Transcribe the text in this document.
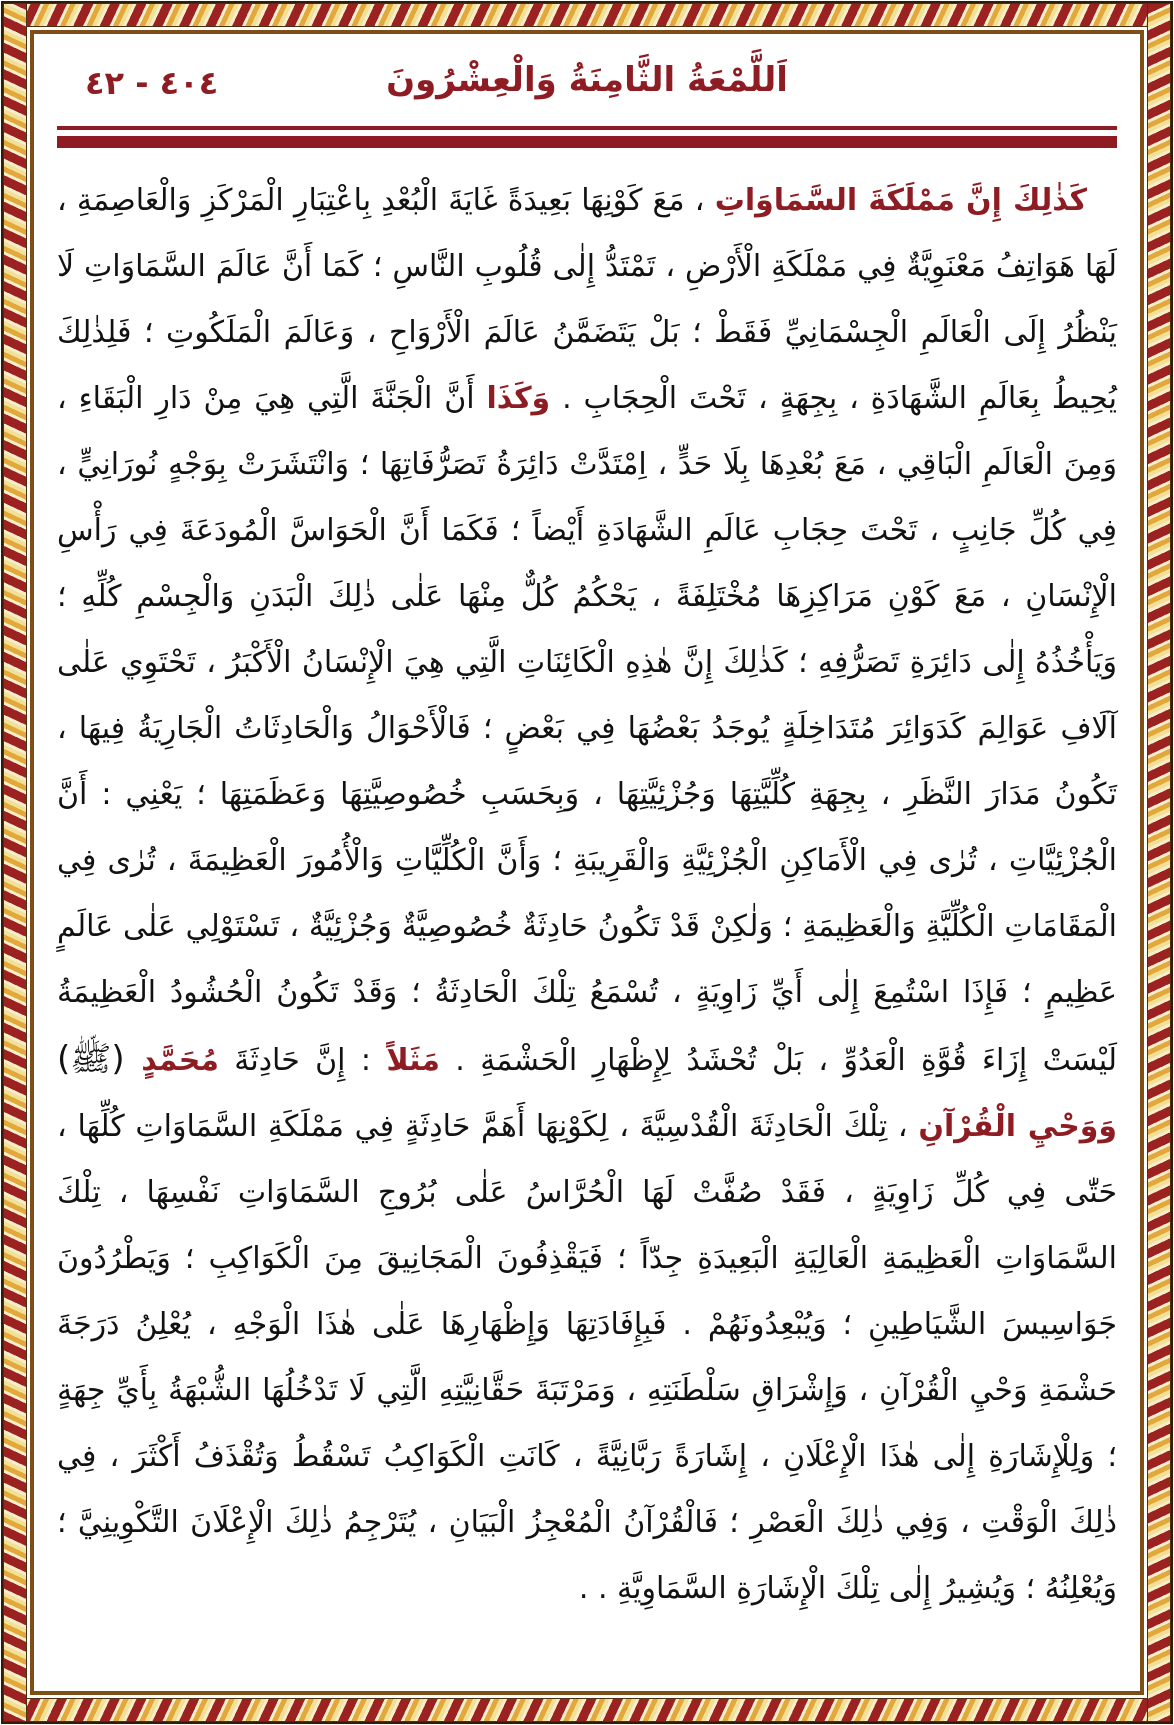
٤٠٤ - ٤٢	اَللَّمْعَةُ الثَّامِنَةُ وَالْعِشْرُونَ
كَذٰلِكَ إِنَّ مَمْلَكَةَ السَّمَاوَاتِ ، مَعَ كَوْنِهَا بَعِيدَةً غَايَةَ الْبُعْدِ بِاعْتِبَارِ الْمَرْكَزِ وَالْعَاصِمَةِ ، لَهَا هَوَاتِفُ مَعْنَوِيَّةٌ فِي مَمْلَكَةِ الْأَرْضِ ، تَمْتَدُّ إِلٰى قُلُوبِ النَّاسِ ؛ كَمَا أَنَّ عَالَمَ السَّمَاوَاتِ لَا يَنْظُرُ إِلَى الْعَالَمِ الْجِسْمَانِيِّ فَقَطْ ؛ بَلْ يَتَضَمَّنُ عَالَمَ الْأَرْوَاحِ ، وَعَالَمَ الْمَلَكُوتِ ؛ فَلِذٰلِكَ يُحِيطُ بِعَالَمِ الشَّهَادَةِ ، بِجِهَةٍ ، تَحْتَ الْحِجَابِ . وَكَذَا أَنَّ الْجَنَّةَ الَّتِي هِيَ مِنْ دَارِ الْبَقَاءِ ، وَمِنَ الْعَالَمِ الْبَاقِي ، مَعَ بُعْدِهَا بِلَا حَدٍّ ، اِمْتَدَّتْ دَائِرَةُ تَصَرُّفَاتِهَا ؛ وَانْتَشَرَتْ بِوَجْهٍ نُورَانِيٍّ ، فِي كُلِّ جَانِبٍ ، تَحْتَ حِجَابِ عَالَمِ الشَّهَادَةِ أَيْضاً ؛ فَكَمَا أَنَّ الْحَوَاسَّ الْمُودَعَةَ فِي رَأْسِ الْإِنْسَانِ ، مَعَ كَوْنِ مَرَاكِزِهَا مُخْتَلِفَةً ، يَحْكُمُ كُلٌّ مِنْهَا عَلٰى ذٰلِكَ الْبَدَنِ وَالْجِسْمِ كُلِّهِ ؛ وَيَأْخُذُهُ إِلٰى دَائِرَةِ تَصَرُّفِهِ ؛ كَذٰلِكَ إِنَّ هٰذِهِ الْكَائِنَاتِ الَّتِي هِيَ الْإِنْسَانُ الْأَكْبَرُ ، تَحْتَوِي عَلٰى آلَافِ عَوَالِمَ كَدَوَائِرَ مُتَدَاخِلَةٍ يُوجَدُ بَعْضُهَا فِي بَعْضٍ ؛ فَالْأَحْوَالُ وَالْحَادِثَاتُ الْجَارِيَةُ فِيهَا ، تَكُونُ مَدَارَ النَّظَرِ ، بِجِهَةِ كُلِّيَّتِهَا وَجُزْئِيَّتِهَا ، وَبِحَسَبِ خُصُوصِيَّتِهَا وَعَظَمَتِهَا ؛ يَعْنِي : أَنَّ الْجُزْئِيَّاتِ ، تُرٰى فِي الْأَمَاكِنِ الْجُزْئِيَّةِ وَالْقَرِيبَةِ ؛ وَأَنَّ الْكُلِّيَّاتِ وَالْأُمُورَ الْعَظِيمَةَ ، تُرٰى فِي الْمَقَامَاتِ الْكُلِّيَّةِ وَالْعَظِيمَةِ ؛ وَلٰكِنْ قَدْ تَكُونُ حَادِثَةٌ خُصُوصِيَّةٌ وَجُزْئِيَّةٌ ، تَسْتَوْلِي عَلٰى عَالَمٍ عَظِيمٍ ؛ فَإِذَا اسْتُمِعَ إِلٰى أَيِّ زَاوِيَةٍ ، تُسْمَعُ تِلْكَ الْحَادِثَةُ ؛ وَقَدْ تَكُونُ الْحُشُودُ الْعَظِيمَةُ لَيْسَتْ إِزَاءَ قُوَّةِ الْعَدُوِّ ، بَلْ تُحْشَدُ لِإِظْهَارِ الْحَشْمَةِ . مَثَلاً : إِنَّ حَادِثَةَ مُحَمَّدٍ (ﷺ) وَوَحْيِ الْقُرْآنِ ، تِلْكَ الْحَادِثَةَ الْقُدْسِيَّةَ ، لِكَوْنِهَا أَهَمَّ حَادِثَةٍ فِي مَمْلَكَةِ السَّمَاوَاتِ كُلِّهَا ، حَتّٰى فِي كُلِّ زَاوِيَةٍ ، فَقَدْ صُفَّتْ لَهَا الْحُرَّاسُ عَلٰى بُرُوجِ السَّمَاوَاتِ نَفْسِهَا ، تِلْكَ السَّمَاوَاتِ الْعَظِيمَةِ الْعَالِيَةِ الْبَعِيدَةِ جِدّاً ؛ فَيَقْذِفُونَ الْمَجَانِيقَ مِنَ الْكَوَاكِبِ ؛ وَيَطْرُدُونَ جَوَاسِيسَ الشَّيَاطِينِ ؛ وَيُبْعِدُونَهُمْ . فَبِإِفَادَتِهَا وَإِظْهَارِهَا عَلٰى هٰذَا الْوَجْهِ ، يُعْلِنُ دَرَجَةَ حَشْمَةِ وَحْيِ الْقُرْآنِ ، وَإِشْرَاقِ سَلْطَنَتِهِ ، وَمَرْتَبَةَ حَقَّانِيَّتِهِ الَّتِي لَا تَدْخُلُهَا الشُّبْهَةُ بِأَيِّ جِهَةٍ ؛ وَلِلْإِشَارَةِ إِلٰى هٰذَا الْإِعْلَانِ ، إِشَارَةً رَبَّانِيَّةً ، كَانَتِ الْكَوَاكِبُ تَسْقُطُ وَتُقْذَفُ أَكْثَرَ ، فِي ذٰلِكَ الْوَقْتِ ، وَفِي ذٰلِكَ الْعَصْرِ ؛ فَالْقُرْآنُ الْمُعْجِزُ الْبَيَانِ ، يُتَرْجِمُ ذٰلِكَ الْإِعْلَانَ التَّكْوِينِيَّ ؛ وَيُعْلِنُهُ ؛ وَيُشِيرُ إِلٰى تِلْكَ الْإِشَارَةِ السَّمَاوِيَّةِ . .
